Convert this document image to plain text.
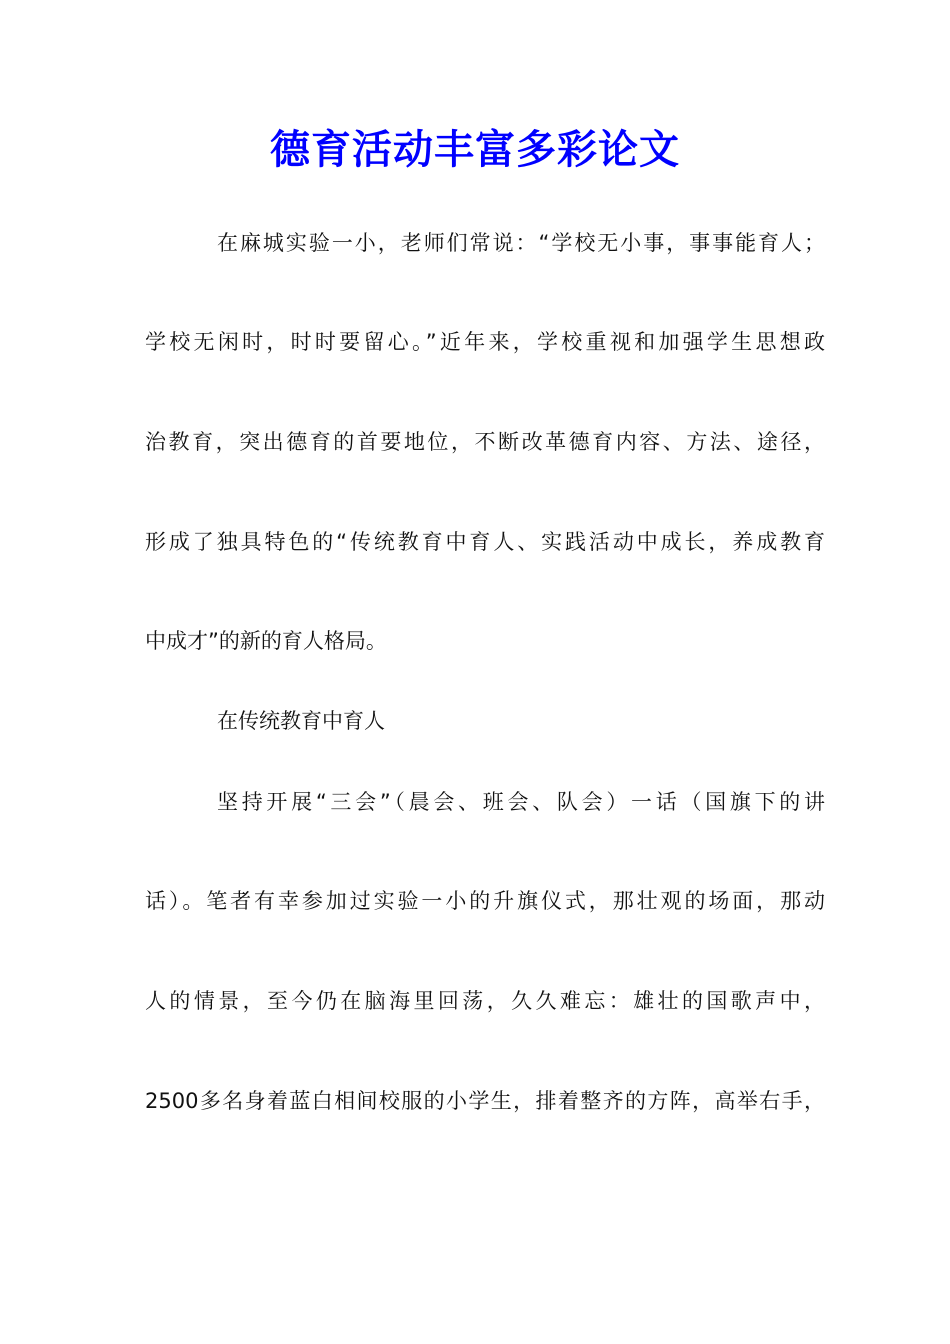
德育活动丰富多彩论文
在麻城实验一小，老师们常说：“学校无小事，事事能育人；
学校无闲时，时时要留心。”近年来，学校重视和加强学生思想政
治教育，突出德育的首要地位，不断改革德育内容、方法、途径，
形成了独具特色的“传统教育中育人、实践活动中成长，养成教育
中成才”的新的育人格局。
在传统教育中育人
坚持开展“三会”（晨会、班会、队会）一话（国旗下的讲
话）。笔者有幸参加过实验一小的升旗仪式，那壮观的场面，那动
人的情景，至今仍在脑海里回荡，久久难忘：雄壮的国歌声中，
2500多名身着蓝白相间校服的小学生，排着整齐的方阵，高举右手，
